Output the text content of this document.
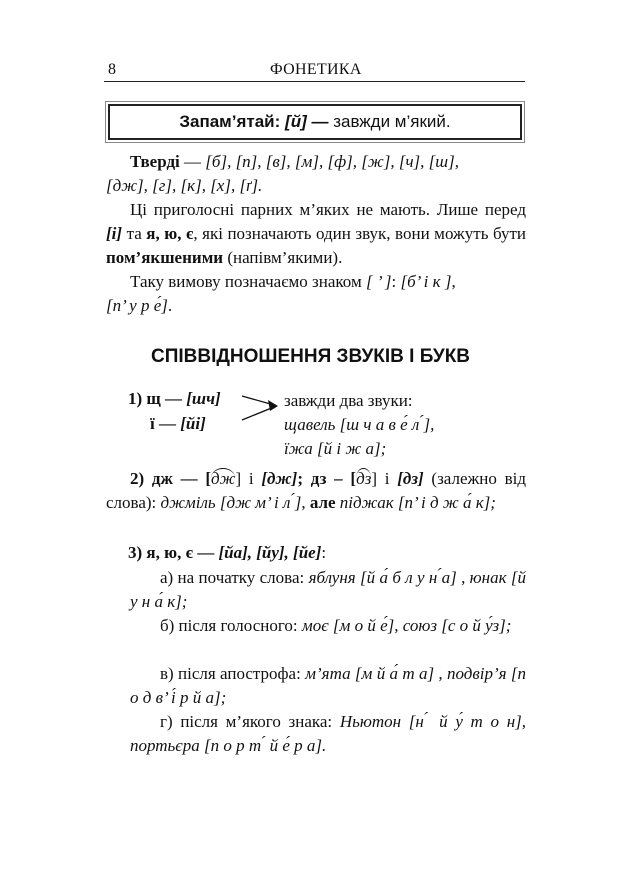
8	ФОНЕТИКА
Запам’ятай: [й] — завжди м’який.
Тверді — [б], [п], [в], [м], [ф], [ж], [ч], [ш],
[дж], [г], [к], [х], [ґ].
Ці приголосні парних м’яких не мають. Лише перед [і] та я, ю, є, які позначають один звук, вони можуть бути пом’якшеними (напівм’якими).
Таку вимову позначаємо знаком [ ’ ]: [б’ і к ],
[п’ у р е́].
СПІВВІДНОШЕННЯ ЗВУКІВ І БУКВ
1) щ — [шч]
ї — [йі]
завжди два звуки:
щавель [ш ч а в е́ л ́],
їжа [й і ж а];
2) дж — [дж] і [дж]; дз – [дз] і [дз] (залежно від слова): джміль [дж м’ і л ́], але піджак [п’ і д ж а́ к];
3) я, ю, є — [йа], [йу], [йе]:
а) на початку слова: яблуня [й а́ б л у н ́а] , юнак [й у н а́ к];
б) після голосного: моє [м о й е́], союз [с о й у́з];
в) після апострофа: м’ята [м й а́ т а] , подвір’я [п о д в’ і́ р й а];
г) після м’якого знака: Ньютон [н ́ й у́ т о н], портьєра [п о р т ́ й е́ р а].
